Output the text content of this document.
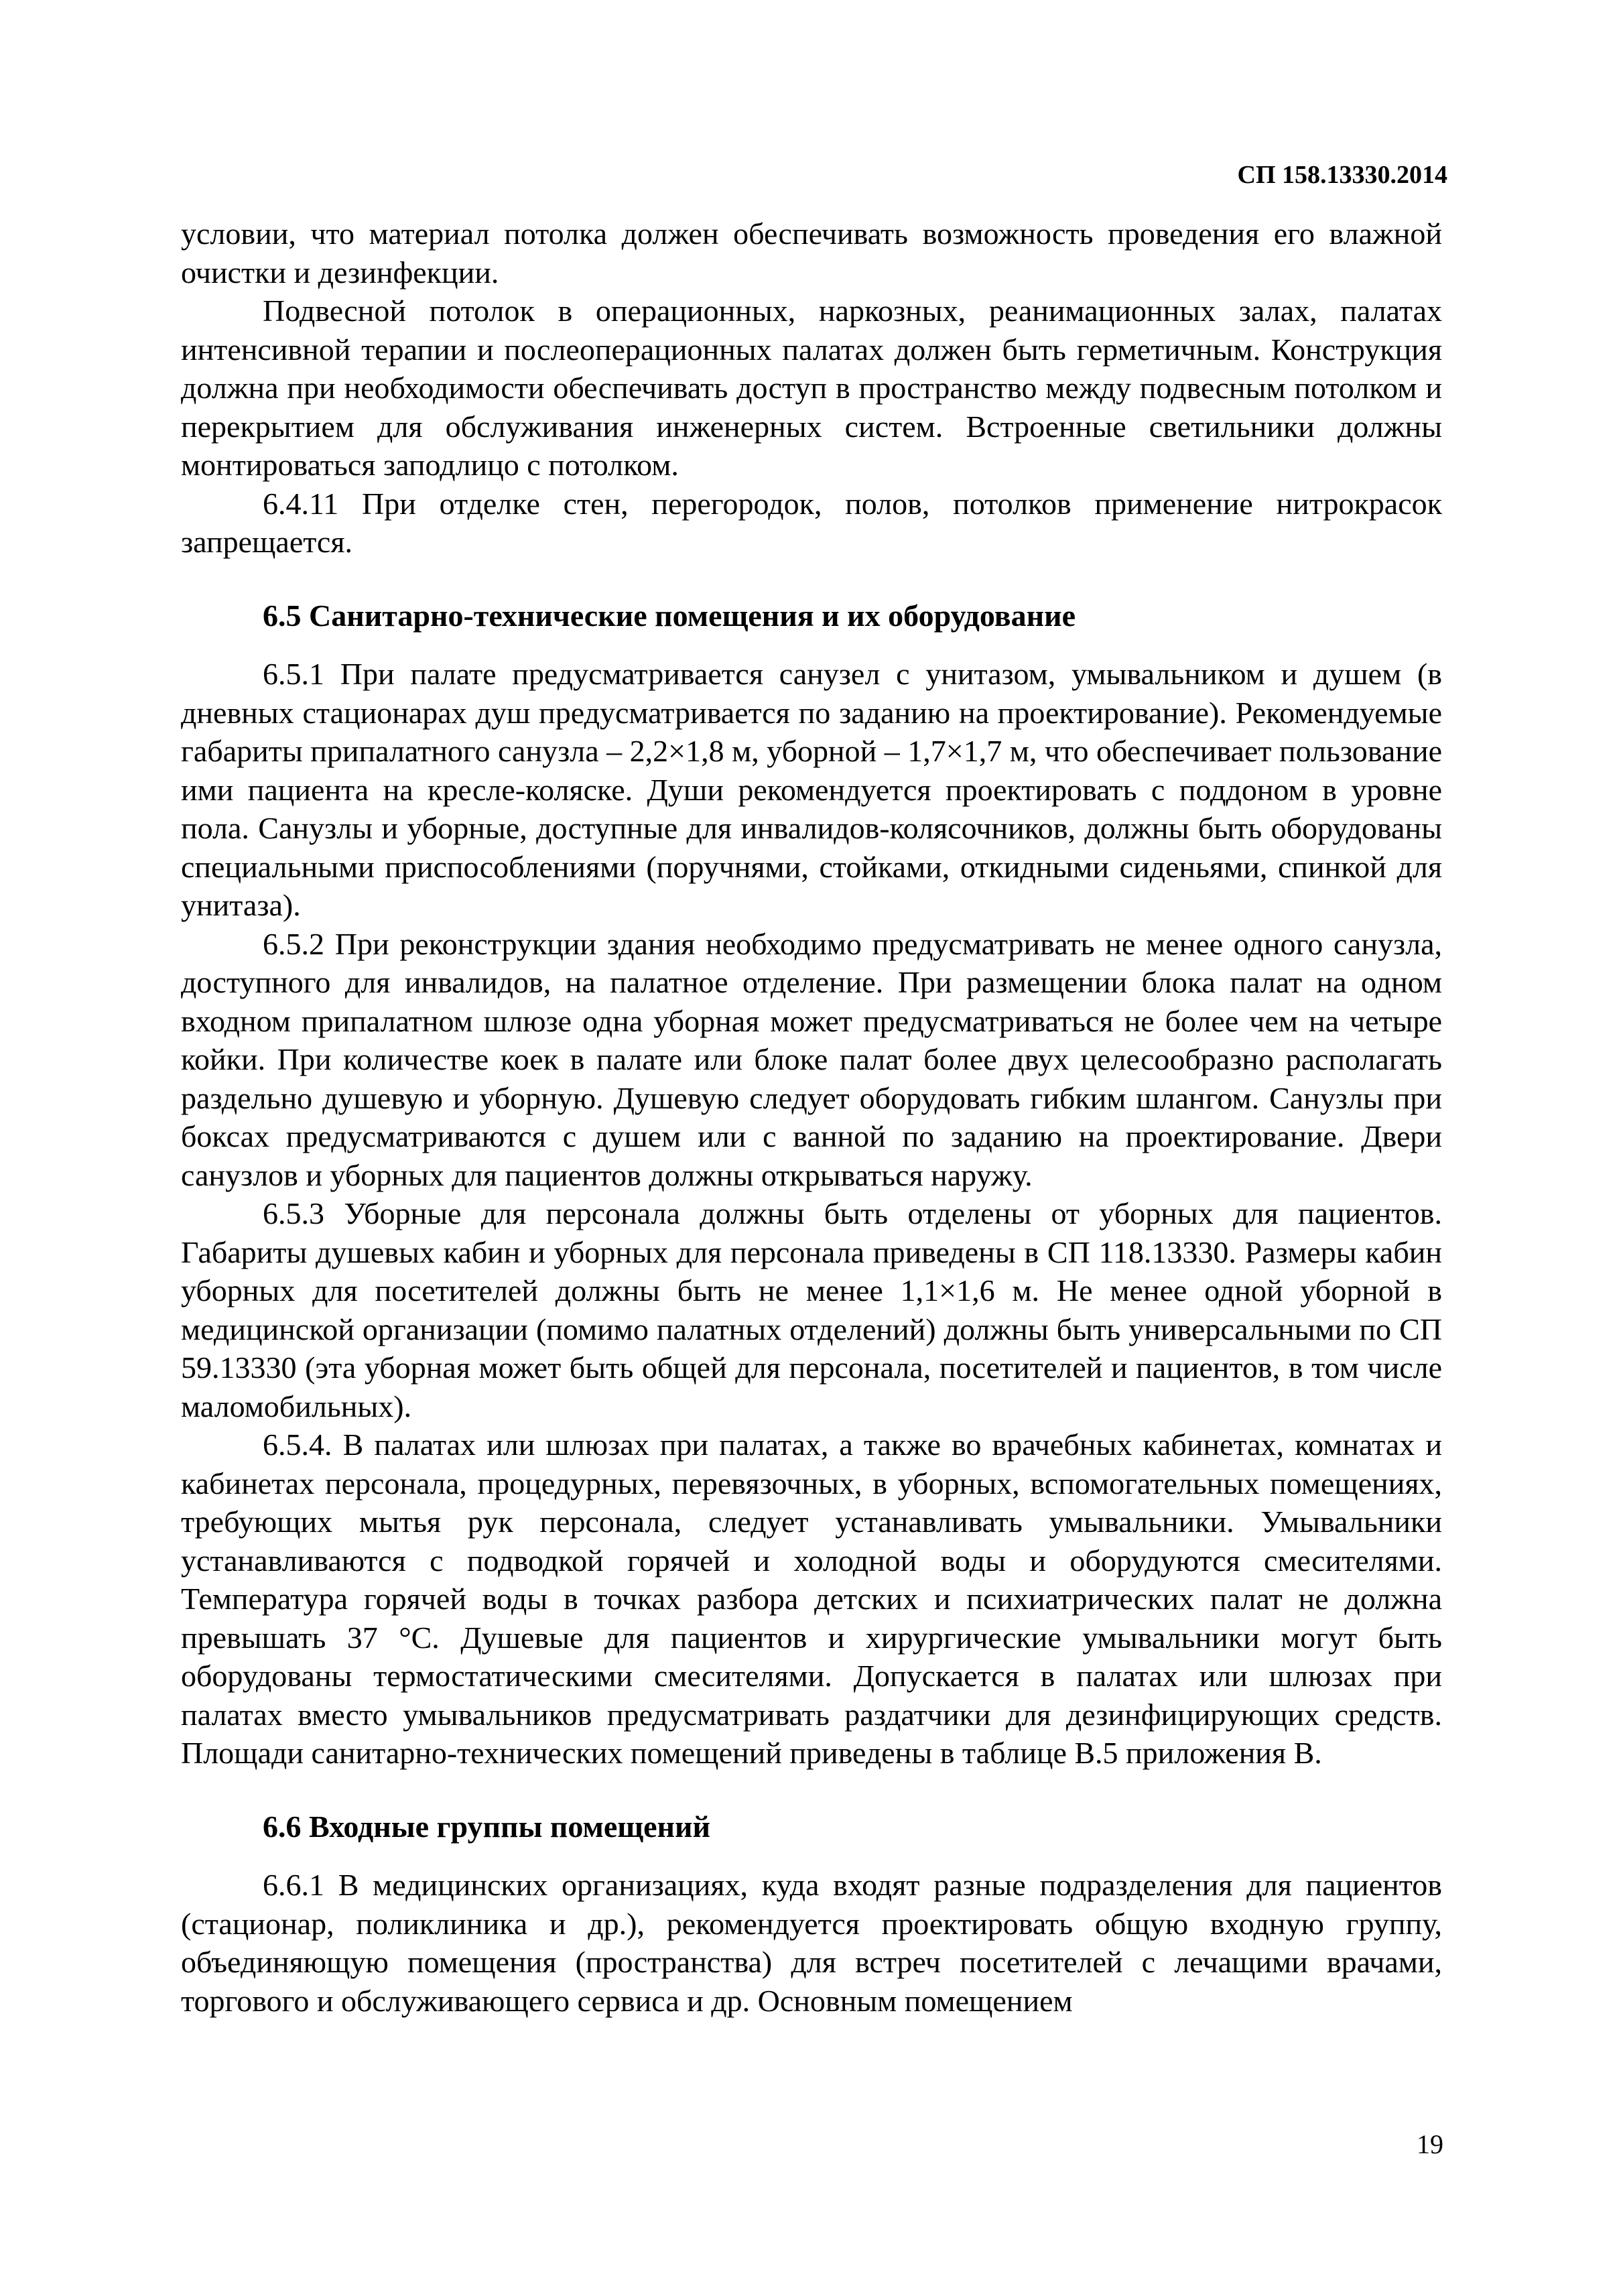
СП 158.13330.2014

условии, что материал потолка должен обеспечивать возможность проведения его влажной очистки и дезинфекции.

Подвесной потолок в операционных, наркозных, реанимационных залах, палатах интенсивной терапии и послеоперационных палатах должен быть герметичным. Конструкция должна при необходимости обеспечивать доступ в пространство между подвесным потолком и перекрытием для обслуживания инженерных систем. Встроенные светильники должны монтироваться заподлицо с потолком.

6.4.11 При отделке стен, перегородок, полов, потолков применение нитрокрасок запрещается.

6.5 Санитарно-технические помещения и их оборудование

6.5.1 При палате предусматривается санузел с унитазом, умывальником и душем (в дневных стационарах душ предусматривается по заданию на проектирование). Рекомендуемые габариты припалатного санузла – 2,2×1,8 м, уборной – 1,7×1,7 м, что обеспечивает пользование ими пациента на кресле-коляске. Души рекомендуется проектировать с поддоном в уровне пола. Санузлы и уборные, доступные для инвалидов-колясочников, должны быть оборудованы специальными приспособлениями (поручнями, стойками, откидными сиденьями, спинкой для унитаза).

6.5.2 При реконструкции здания необходимо предусматривать не менее одного санузла, доступного для инвалидов, на палатное отделение. При размещении блока палат на одном входном припалатном шлюзе одна уборная может предусматриваться не более чем на четыре койки. При количестве коек в палате или блоке палат более двух целесообразно располагать раздельно душевую и уборную. Душевую следует оборудовать гибким шлангом. Санузлы при боксах предусматриваются с душем или с ванной по заданию на проектирование. Двери санузлов и уборных для пациентов должны открываться наружу.

6.5.3 Уборные для персонала должны быть отделены от уборных для пациентов. Габариты душевых кабин и уборных для персонала приведены в СП 118.13330. Размеры кабин уборных для посетителей должны быть не менее 1,1×1,6 м. Не менее одной уборной в медицинской организации (помимо палатных отделений) должны быть универсальными по СП 59.13330 (эта уборная может быть общей для персонала, посетителей и пациентов, в том числе маломобильных).

6.5.4. В палатах или шлюзах при палатах, а также во врачебных кабинетах, комнатах и кабинетах персонала, процедурных, перевязочных, в уборных, вспомогательных помещениях, требующих мытья рук персонала, следует устанавливать умывальники. Умывальники устанавливаются с подводкой горячей и холодной воды и оборудуются смесителями. Температура горячей воды в точках разбора детских и психиатрических палат не должна превышать 37 °С. Душевые для пациентов и хирургические умывальники могут быть оборудованы термостатическими смесителями. Допускается в палатах или шлюзах при палатах вместо умывальников предусматривать раздатчики для дезинфицирующих средств. Площади санитарно-технических помещений приведены в таблице В.5 приложения В.

6.6 Входные группы помещений

6.6.1 В медицинских организациях, куда входят разные подразделения для пациентов (стационар, поликлиника и др.), рекомендуется проектировать общую входную группу, объединяющую помещения (пространства) для встреч посетителей с лечащими врачами, торгового и обслуживающего сервиса и др. Основным помещением

19
